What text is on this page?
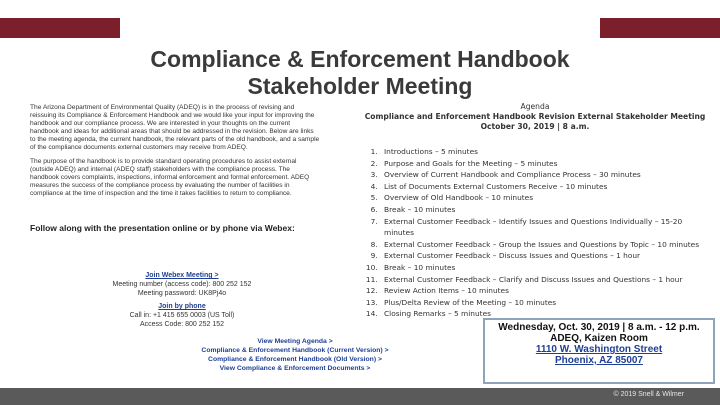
Compliance & Enforcement Handbook
Stakeholder Meeting

The Arizona Department of Environmental Quality (ADEQ) is in the process of revising and reissuing its Compliance & Enforcement Handbook and we would like your input for improving the handbook and our compliance process. We are interested in your thoughts on the current handbook and ideas for additional areas that should be addressed in the revision. Below are links to the meeting agenda, the current handbook, the relevant parts of the old handbook, and a sample of the compliance documents external customers may receive from ADEQ.

The purpose of the handbook is to provide standard operating procedures to assist external (outside ADEQ) and internal (ADEQ staff) stakeholders with the compliance process. The handbook covers complaints, inspections, informal enforcement and formal enforcement. ADEQ measures the success of the compliance process by evaluating the number of facilities in compliance at the time of inspection and the time it takes facilities to return to compliance.

Follow along with the presentation online or by phone via Webex:
Join Webex Meeting >
Meeting number (access code): 800 252 152
Meeting password: UK8Pj4o
Join by phone
Call in: +1 415 655 0003 (US Toll)
Access Code: 800 252 152
View Meeting Agenda >
Compliance & Enforcement Handbook (Current Version) >
Compliance & Enforcement Handbook (Old Version) >
View Compliance & Enforcement Documents >
Agenda
Compliance and Enforcement Handbook Revision External Stakeholder Meeting
October 30, 2019 | 8 a.m.
1. Introductions – 5 minutes
2. Purpose and Goals for the Meeting – 5 minutes
3. Overview of Current Handbook and Compliance Process – 30 minutes
4. List of Documents External Customers Receive – 10 minutes
5. Overview of Old Handbook – 10 minutes
6. Break – 10 minutes
7. External Customer Feedback – Identify Issues and Questions Individually – 15-20 minutes
8. External Customer Feedback – Group the Issues and Questions by Topic – 10 minutes
9. External Customer Feedback – Discuss Issues and Questions – 1 hour
10. Break – 10 minutes
11. External Customer Feedback – Clarify and Discuss Issues and Questions – 1 hour
12. Review Action Items – 10 minutes
13. Plus/Delta Review of the Meeting – 10 minutes
14. Closing Remarks – 5 minutes
Wednesday, Oct. 30, 2019 | 8 a.m. - 12 p.m.
ADEQ, Kaizen Room
1110 W. Washington Street
Phoenix, AZ 85007
© 2019 Snell & Wilmer
